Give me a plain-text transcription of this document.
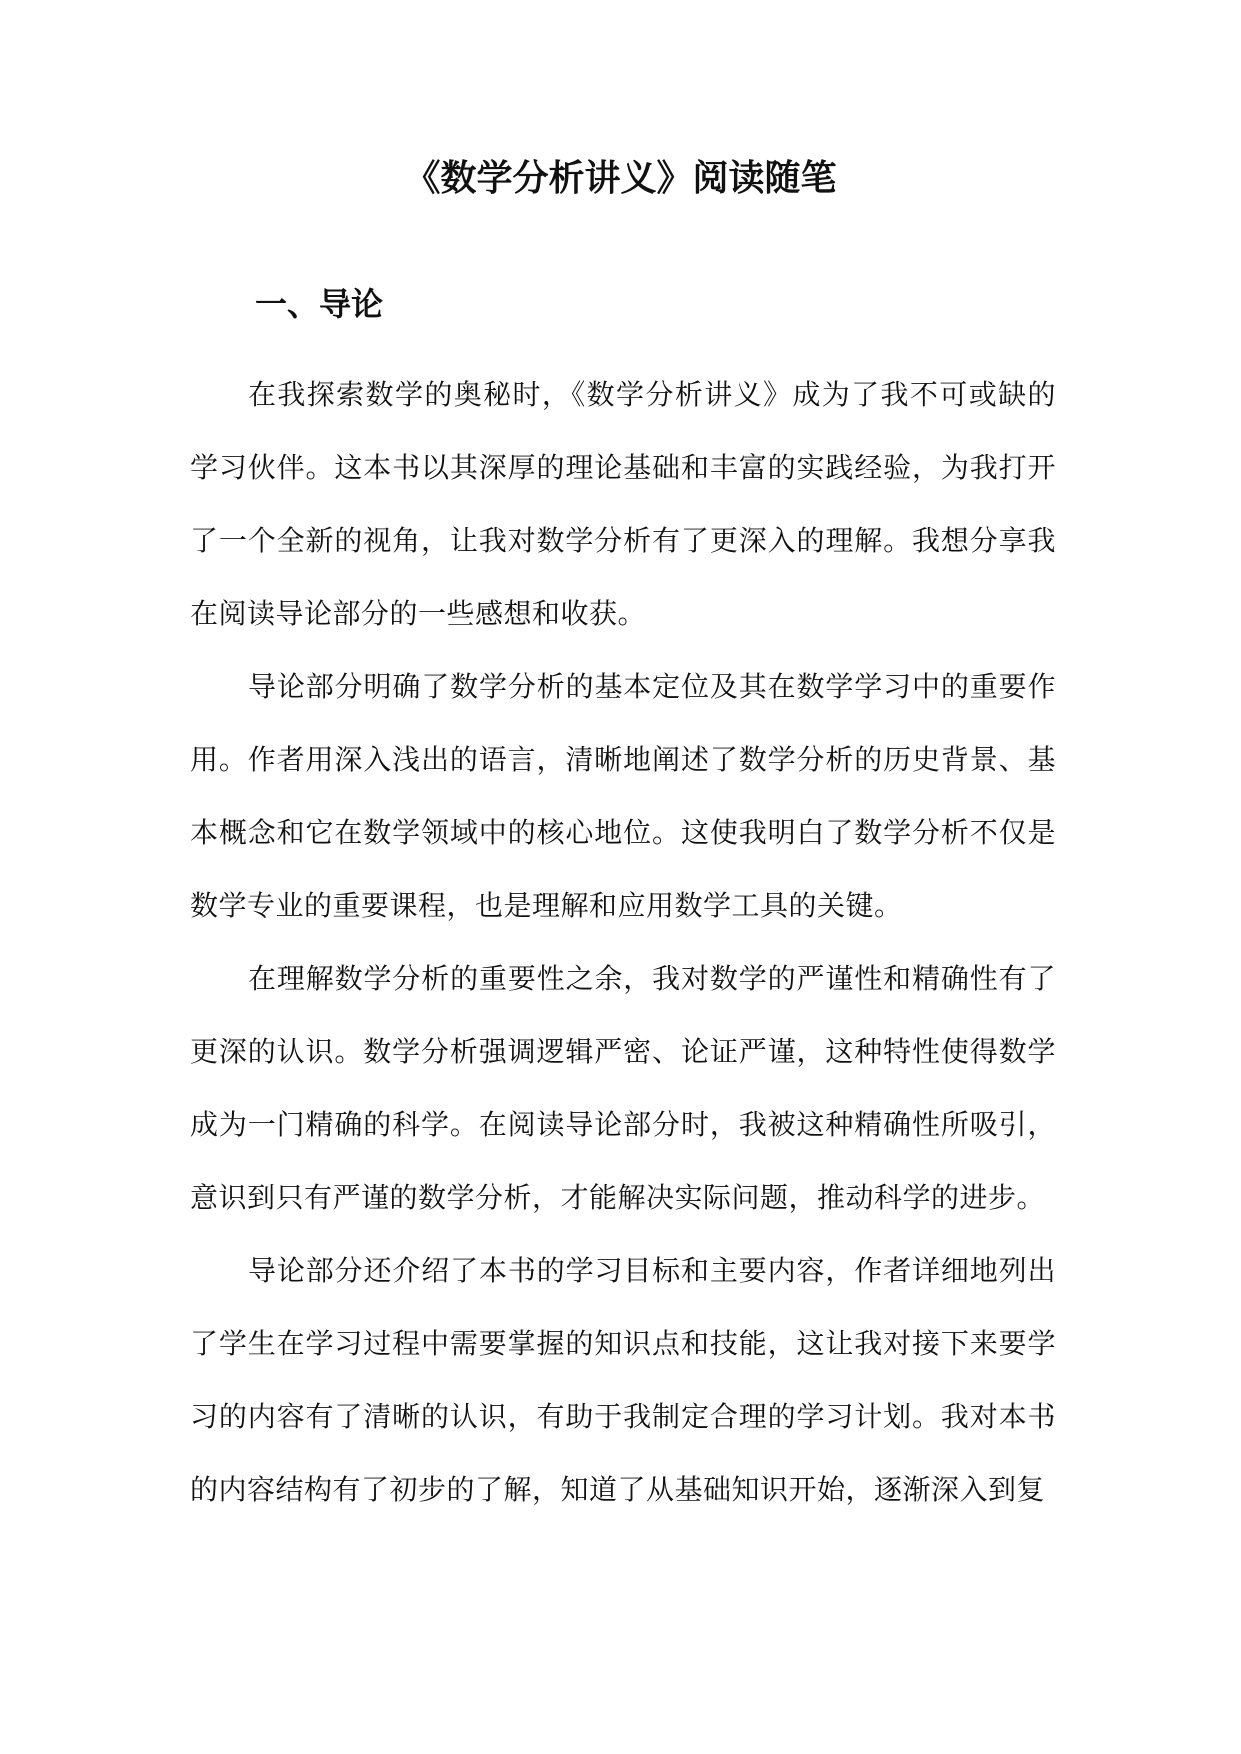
《数学分析讲义》阅读随笔
一、导论

在我探索数学的奥秘时，《数学分析讲义》成为了我不可或缺的学习伙伴。这本书以其深厚的理论基础和丰富的实践经验，为我打开了一个全新的视角，让我对数学分析有了更深入的理解。我想分享我在阅读导论部分的一些感想和收获。

导论部分明确了数学分析的基本定位及其在数学学习中的重要作用。作者用深入浅出的语言，清晰地阐述了数学分析的历史背景、基本概念和它在数学领域中的核心地位。这使我明白了数学分析不仅是数学专业的重要课程，也是理解和应用数学工具的关键。

在理解数学分析的重要性之余，我对数学的严谨性和精确性有了更深的认识。数学分析强调逻辑严密、论证严谨，这种特性使得数学成为一门精确的科学。在阅读导论部分时，我被这种精确性所吸引，意识到只有严谨的数学分析，才能解决实际问题，推动科学的进步。

导论部分还介绍了本书的学习目标和主要内容，作者详细地列出了学生在学习过程中需要掌握的知识点和技能，这让我对接下来要学习的内容有了清晰的认识，有助于我制定合理的学习计划。我对本书的内容结构有了初步的了解，知道了从基础知识开始，逐渐深入到复
